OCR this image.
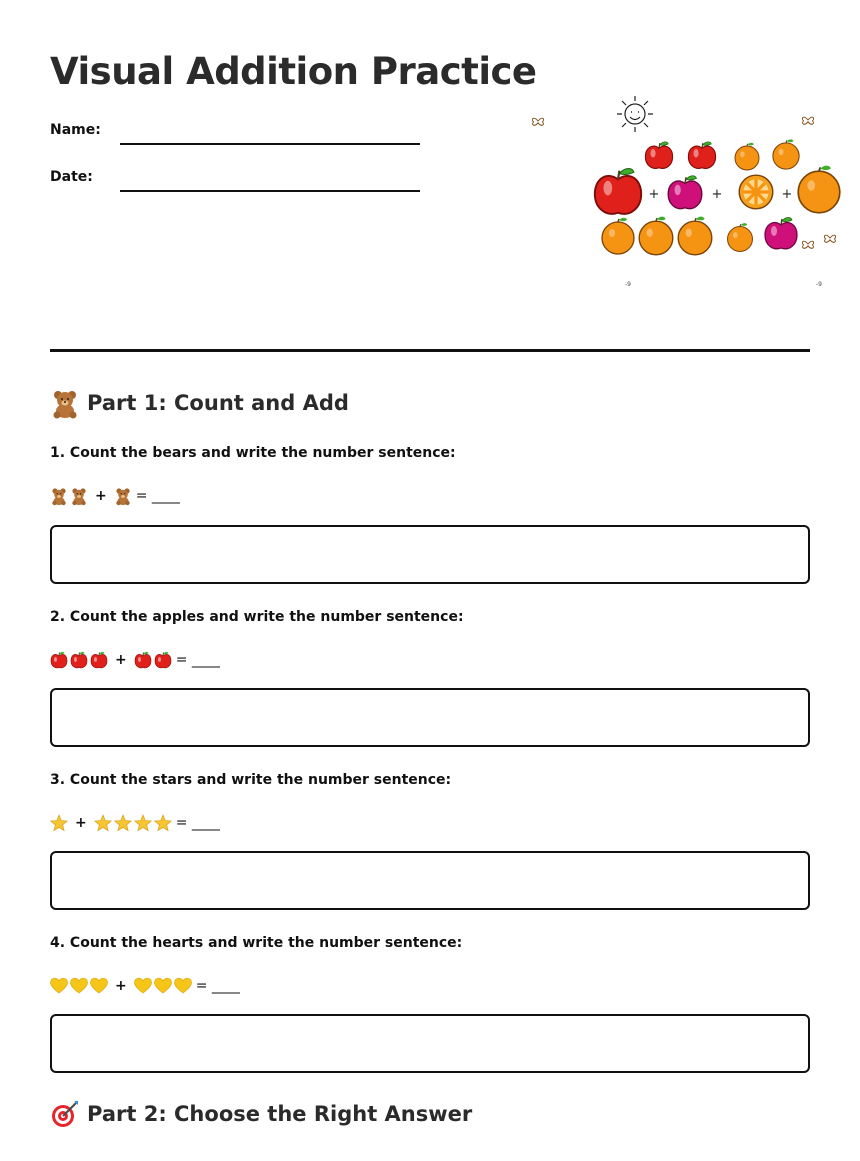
Visual Addition Practice
Name:
Date:
+	+	+
-9	-9
Part 1: Count and Add
1. Count the bears and write the number sentence:
+ = ____
2. Count the apples and write the number sentence:
+	= ____
3. Count the stars and write the number sentence:
+	= ____
4. Count the hearts and write the number sentence:
+	= ____
Part 2: Choose the Right Answer
